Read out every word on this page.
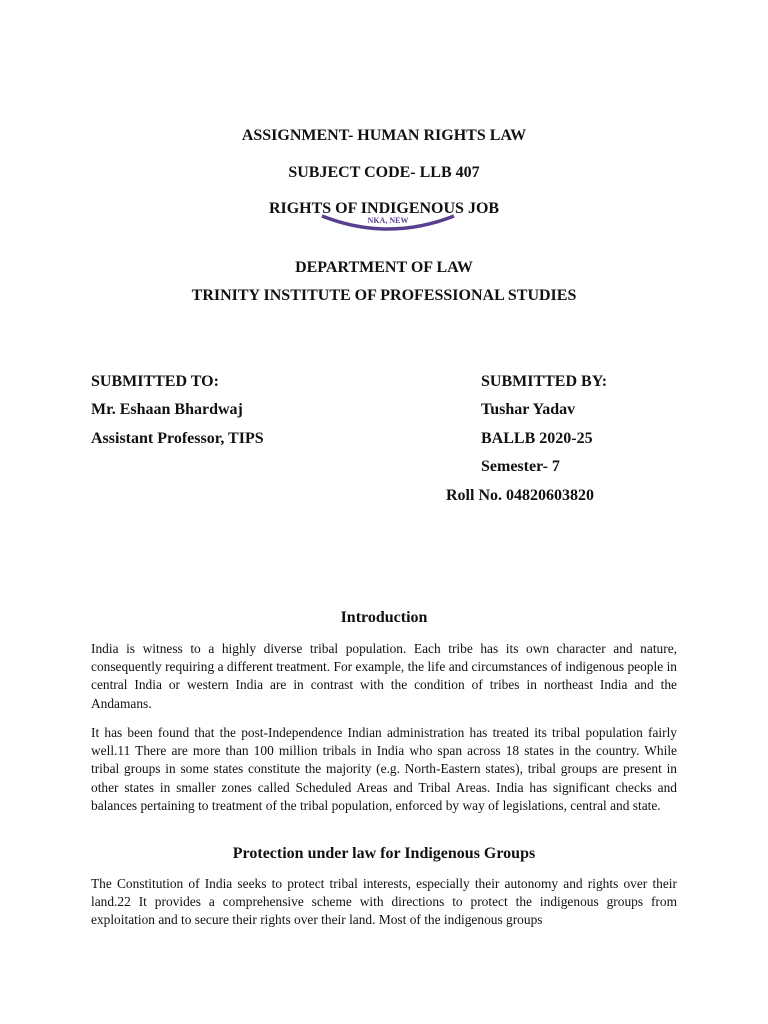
ASSIGNMENT- HUMAN RIGHTS LAW
SUBJECT CODE- LLB 407
NKA, NEW
RIGHTS OF INDIGENOUS JOB
DEPARTMENT OF LAW
TRINITY INSTITUTE OF PROFESSIONAL STUDIES
SUBMITTED TO:
Mr. Eshaan Bhardwaj
Assistant Professor, TIPS
SUBMITTED BY:
Tushar Yadav
BALLB 2020-25
Semester- 7
Roll No. 04820603820
Introduction

India is witness to a highly diverse tribal population. Each tribe has its own character and nature, consequently requiring a different treatment. For example, the life and circumstances of indigenous people in central India or western India are in contrast with the condition of tribes in northeast India and the Andamans.

It has been found that the post-Independence Indian administration has treated its tribal population fairly well.11 There are more than 100 million tribals in India who span across 18 states in the country. While tribal groups in some states constitute the majority (e.g. North-Eastern states), tribal groups are present in other states in smaller zones called Scheduled Areas and Tribal Areas. India has significant checks and balances pertaining to treatment of the tribal population, enforced by way of legislations, central and state.

Protection under law for Indigenous Groups

The Constitution of India seeks to protect tribal interests, especially their autonomy and rights over their land.22 It provides a comprehensive scheme with directions to protect the indigenous groups from exploitation and to secure their rights over their land. Most of the indigenous groups
